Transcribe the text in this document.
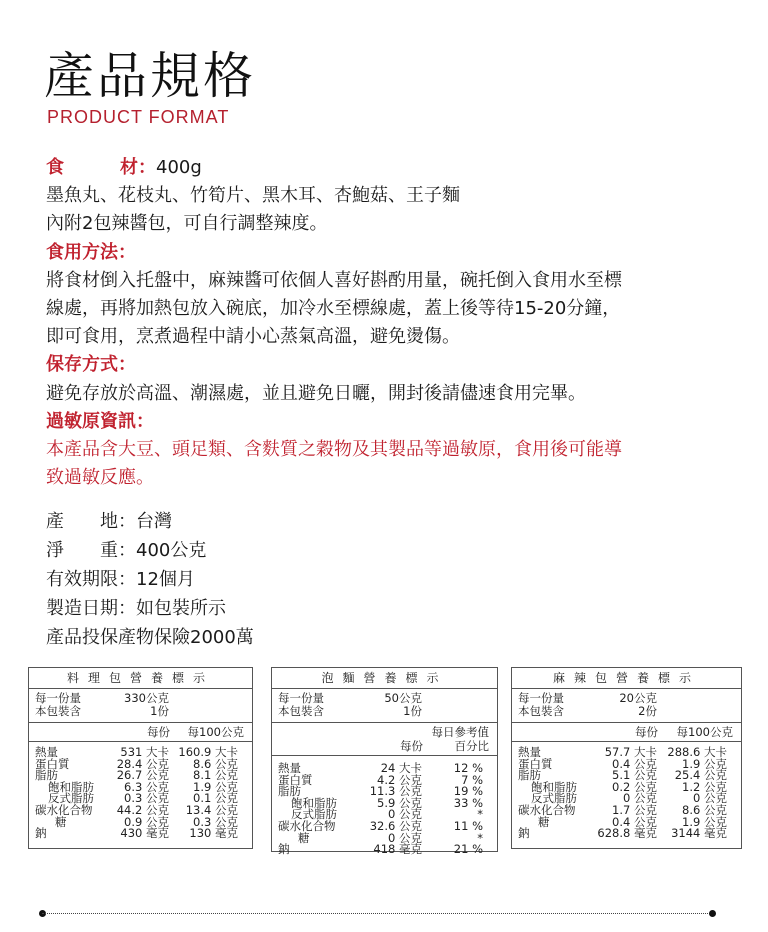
產品規格
PRODUCT FORMAT
食	材 ：400g
墨魚丸、花枝丸、竹筍片、黑木耳、杏鮑菇、王子麵
內附2包辣醬包，可自行調整辣度。
食用方法：
將食材倒入托盤中，麻辣醬可依個人喜好斟酌用量，碗托倒入食用水至標
線處，再將加熱包放入碗底，加冷水至標線處，蓋上後等待15-20分鐘，
即可食用，烹煮過程中請小心蒸氣高溫，避免燙傷。
保存方式：
避免存放於高溫、潮濕處，並且避免日曬，開封後請儘速食用完畢。
過敏原資訊：
本產品含大豆、頭足類、含麩質之穀物及其製品等過敏原，食用後可能導
致過敏反應。
產 地 ：台灣
淨 重 ：400公克
有效期限：12個月
製造日期：如包裝所示
產品投保產物保險2000萬
料理包營養標示
每一份量	330公克
本包裝含	1份
每份 每100公克
熱量	531 大卡 160.9 大卡
蛋白質	28.4 公克 8.6 公克
脂肪	26.7 公克 8.1 公克
飽和脂肪	6.3 公克 1.9 公克
反式脂肪	0.3 公克 0.1 公克
碳水化合物 44.2 公克 13.4 公克
糖	0.9 公克 0.3 公克
鈉	430 毫克 130 毫克
泡麵營養標示
每一份量	50公克
本包裝含	1份
每份
每日參考值
百分比
熱量	24 大卡	12 %
蛋白質	4.2 公克	7 %
脂肪	11.3 公克	19 %
飽和脂肪	5.9 公克	33 %
反式脂肪	0 公克	*
碳水化合物	32.6 公克	11 %
糖	0 公克	*
鈉	418 毫克	21 %
麻辣包營養標示
每一份量	20公克
本包裝含	2份
每份 每100公克
熱量	57.7 大卡 288.6 大卡
蛋白質	0.4 公克 1.9 公克
脂肪	5.1 公克 25.4 公克
飽和脂肪	0.2 公克 1.2 公克
反式脂肪	0 公克	0 公克
碳水化合物	1.7 公克 8.6 公克
糖	0.4 公克 1.9 公克
鈉	628.8 毫克 3144 毫克
